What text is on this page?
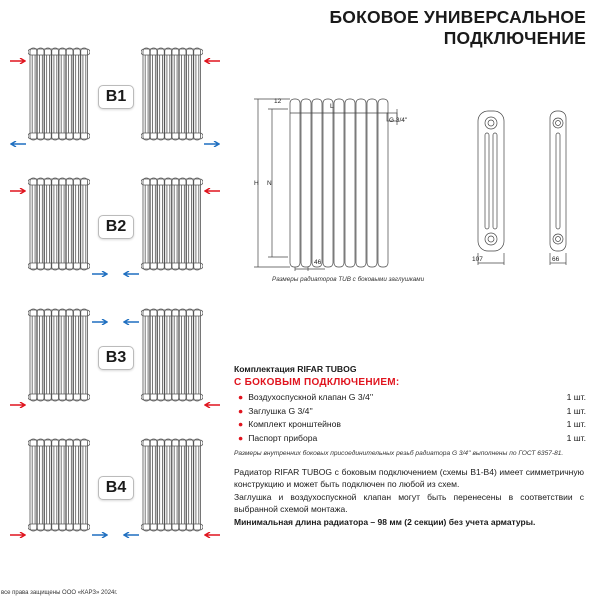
БОКОВОЕ УНИВЕРСАЛЬНОЕ
ПОДКЛЮЧЕНИЕ
B1
B2
B3
B4
12
L
G 3/4''
H N
46	107	66
Размеры радиаторов TUB с боковыми заглушками
Комплектация RIFAR TUBOG
С БОКОВЫМ ПОДКЛЮЧЕНИЕМ:
● Воздухоспускной клапан G 3/4''	1 шт.
● Заглушка G 3/4''	1 шт.
● Комплект кронштейнов	1 шт.
● Паспорт прибора	1 шт.
Размеры внутренних боковых присоединительных резьб радиатора G 3/4'' выполнены по ГОСТ 6357-81.
Радиатор RIFAR TUBOG с боковым подключением (схемы В1-В4) имеет симметричную конструкцию и может быть подключен по любой из схем.
Заглушка и воздухоспускной клапан могут быть перенесены в соответствии с выбранной схемой монтажа.
Минимальная длина радиатора – 98 мм (2 секции) без учета арматуры.
все права защищены ООО «КАРЗ» 2024г.
